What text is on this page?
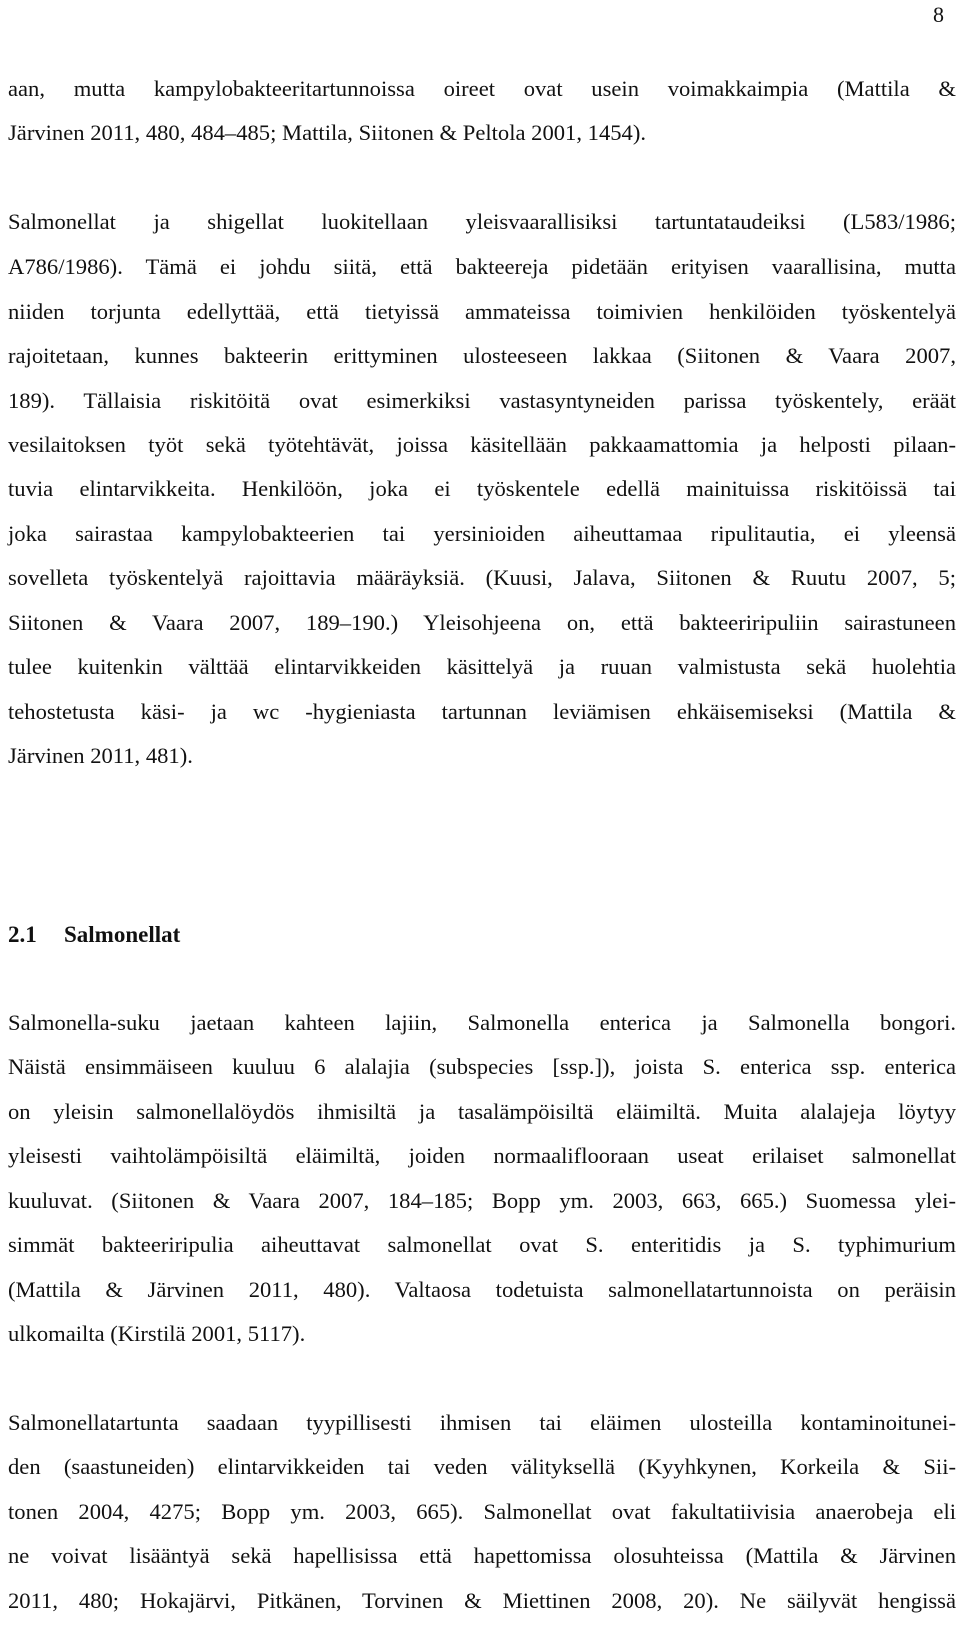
8
aan, mutta kampylobakteeritartunnoissa oireet ovat usein voimakkaimpia (Mattila &
Järvinen 2011, 480, 484–485; Mattila, Siitonen & Peltola 2001, 1454).
Salmonellat ja shigellat luokitellaan yleisvaarallisiksi tartuntataudeiksi (L583/1986;
A786/1986). Tämä ei johdu siitä, että bakteereja pidetään erityisen vaarallisina, mutta
niiden torjunta edellyttää, että tietyissä ammateissa toimivien henkilöiden työskentelyä
rajoitetaan, kunnes bakteerin erittyminen ulosteeseen lakkaa (Siitonen & Vaara 2007,
189). Tällaisia riskitöitä ovat esimerkiksi vastasyntyneiden parissa työskentely, eräät
vesilaitoksen työt sekä työtehtävät, joissa käsitellään pakkaamattomia ja helposti pilaan-
tuvia elintarvikkeita. Henkilöön, joka ei työskentele edellä mainituissa riskitöissä tai
joka sairastaa kampylobakteerien tai yersinioiden aiheuttamaa ripulitautia, ei yleensä
sovelleta työskentelyä rajoittavia määräyksiä. (Kuusi, Jalava, Siitonen & Ruutu 2007, 5;
Siitonen & Vaara 2007, 189–190.) Yleisohjeena on, että bakteeriripuliin sairastuneen
tulee kuitenkin välttää elintarvikkeiden käsittelyä ja ruuan valmistusta sekä huolehtia
tehostetusta käsi- ja wc -hygieniasta tartunnan leviämisen ehkäisemiseksi (Mattila &
Järvinen 2011, 481).
2.1 Salmonellat
Salmonella-suku jaetaan kahteen lajiin, Salmonella enterica ja Salmonella bongori.
Näistä ensimmäiseen kuuluu 6 alalajia (subspecies [ssp.]), joista S. enterica ssp. enterica
on yleisin salmonellalöydös ihmisiltä ja tasalämpöisiltä eläimiltä. Muita alalajeja löytyy
yleisesti vaihtolämpöisiltä eläimiltä, joiden normaaliflooraan useat erilaiset salmonellat
kuuluvat. (Siitonen & Vaara 2007, 184–185; Bopp ym. 2003, 663, 665.) Suomessa ylei-
simmät bakteeriripulia aiheuttavat salmonellat ovat S. enteritidis ja S. typhimurium
(Mattila & Järvinen 2011, 480). Valtaosa todetuista salmonellatartunnoista on peräisin
ulkomailta (Kirstilä 2001, 5117).
Salmonellatartunta saadaan tyypillisesti ihmisen tai eläimen ulosteilla kontaminoitunei-
den (saastuneiden) elintarvikkeiden tai veden välityksellä (Kyyhkynen, Korkeila & Sii-
tonen 2004, 4275; Bopp ym. 2003, 665). Salmonellat ovat fakultatiivisia anaerobeja eli
ne voivat lisääntyä sekä hapellisissa että hapettomissa olosuhteissa (Mattila & Järvinen
2011, 480; Hokajärvi, Pitkänen, Torvinen & Miettinen 2008, 20). Ne säilyvät hengissä
